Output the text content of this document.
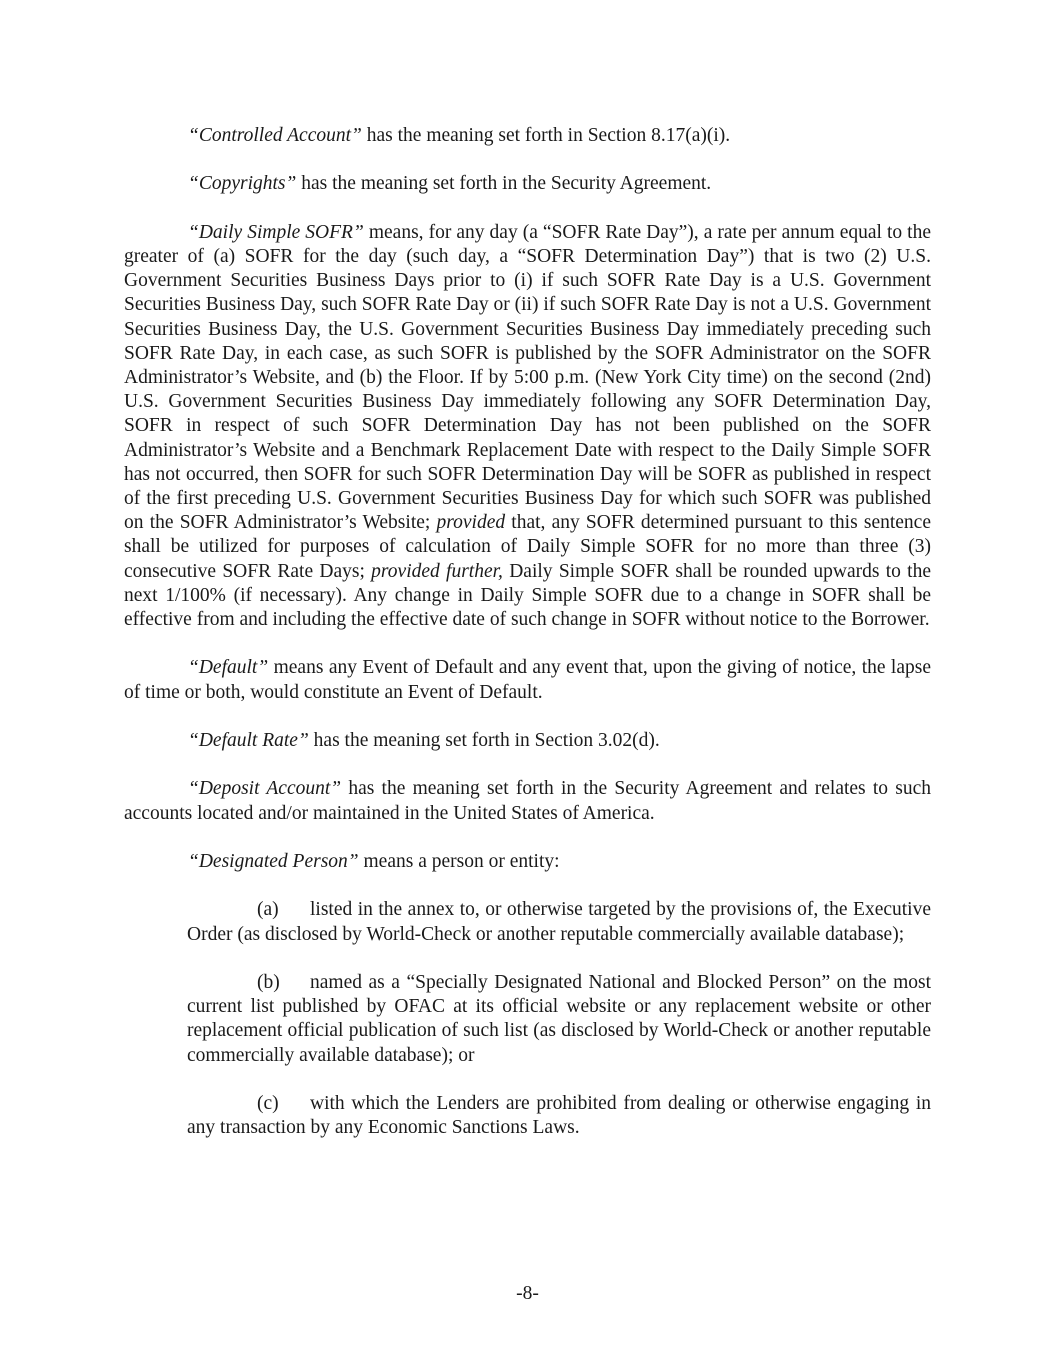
“Controlled Account” has the meaning set forth in Section 8.17(a)(i).

“Copyrights” has the meaning set forth in the Security Agreement.

“Daily Simple SOFR” means, for any day (a “SOFR Rate Day”), a rate per annum equal to the greater of (a) SOFR for the day (such day, a “SOFR Determination Day”) that is two (2) U.S. Government Securities Business Days prior to (i) if such SOFR Rate Day is a U.S. Government Securities Business Day, such SOFR Rate Day or (ii) if such SOFR Rate Day is not a U.S. Government Securities Business Day, the U.S. Government Securities Business Day immediately preceding such SOFR Rate Day, in each case, as such SOFR is published by the SOFR Administrator on the SOFR Administrator’s Website, and (b) the Floor. If by 5:00 p.m. (New York City time) on the second (2nd) U.S. Government Securities Business Day immediately following any SOFR Determination Day, SOFR in respect of such SOFR Determination Day has not been published on the SOFR Administrator’s Website and a Benchmark Replacement Date with respect to the Daily Simple SOFR has not occurred, then SOFR for such SOFR Determination Day will be SOFR as published in respect of the first preceding U.S. Government Securities Business Day for which such SOFR was published on the SOFR Administrator’s Website; provided that, any SOFR determined pursuant to this sentence shall be utilized for purposes of calculation of Daily Simple SOFR for no more than three (3) consecutive SOFR Rate Days; provided further, Daily Simple SOFR shall be rounded upwards to the next 1/100% (if necessary). Any change in Daily Simple SOFR due to a change in SOFR shall be effective from and including the effective date of such change in SOFR without notice to the Borrower.

“Default” means any Event of Default and any event that, upon the giving of notice, the lapse of time or both, would constitute an Event of Default.

“Default Rate” has the meaning set forth in Section 3.02(d).

“Deposit Account” has the meaning set forth in the Security Agreement and relates to such accounts located and/or maintained in the United States of America.

“Designated Person” means a person or entity:

(a) listed in the annex to, or otherwise targeted by the provisions of, the Executive Order (as disclosed by World-Check or another reputable commercially available database);

(b) named as a “Specially Designated National and Blocked Person” on the most current list published by OFAC at its official website or any replacement website or other replacement official publication of such list (as disclosed by World-Check or another reputable commercially available database); or

(c) with which the Lenders are prohibited from dealing or otherwise engaging in any transaction by any Economic Sanctions Laws.

-8-
